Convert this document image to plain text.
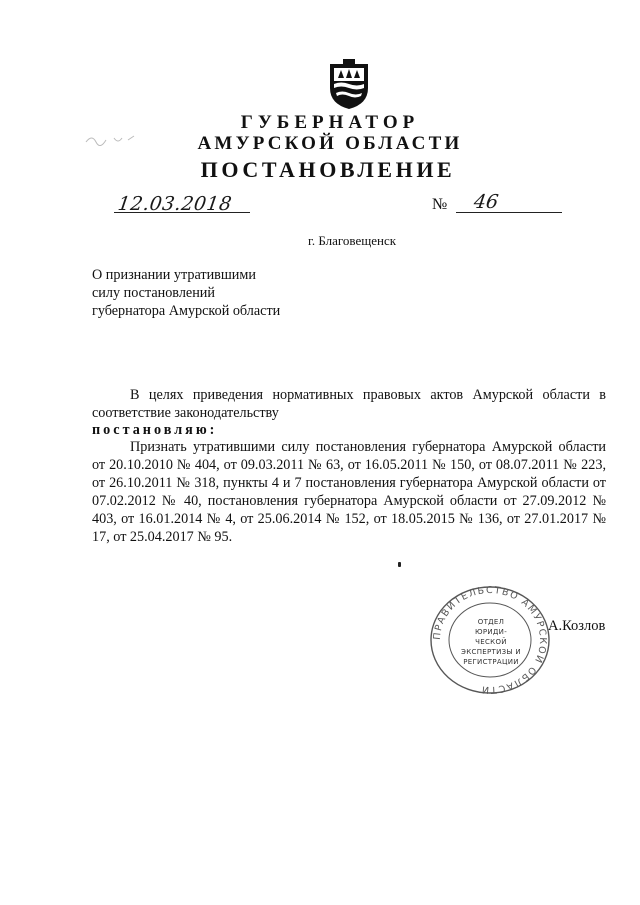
ГУБЕРНАТОР
АМУРСКОЙ ОБЛАСТИ
ПОСТАНОВЛЕНИЕ
12.03.2018	№ 46
г. Благовещенск
О признании утратившими
силу постановлений
губернатора Амурской области
В целях приведения нормативных правовых актов Амурской области в соответствие законодательству
постановляю:
Признать утратившими силу постановления губернатора Амурской области от 20.10.2010 № 404, от 09.03.2011 № 63, от 16.05.2011 № 150, от 08.07.2011 № 223, от 26.10.2011 № 318, пункты 4 и 7 постановления губернатора Амурской области от 07.02.2012 № 40, постановления губернатора Амурской области от 27.09.2012 № 403, от 16.01.2014 № 4, от 25.06.2014 № 152, от 18.05.2015 № 136, от 27.01.2017 № 17, от 25.04.2017 № 95.
ПРАВИТЕЛЬСТВО АМУРСКОЙ ОБЛАСТИ
ОТДЕЛ
ЮРИДИ-
ЧЕСКОЙ
ЭКСПЕРТИЗЫ И
РЕГИСТРАЦИИ
А.Козлов
